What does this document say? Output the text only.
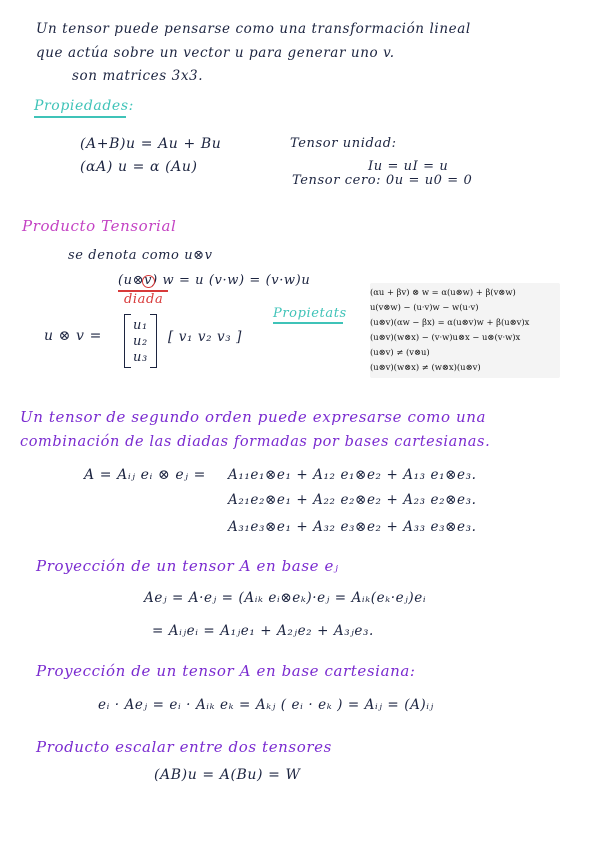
Un tensor puede pensarse como una transformación lineal
que actúa sobre un vector u para generar uno v.
son matrices 3x3.
Propiedades:
(A+B)u = Au + Bu
(αA) u = α (Au)
Tensor unidad:
Iu = uI = u
Tensor cero: 0u = u0 = 0
Producto Tensorial
se denota como u⊗v
(u⊗v) w = u (v·w) = (v·w)u
diada
Propietats
u ⊗ v =
u₁
u₂
u₃
[ v₁ v₂ v₃ ]
(αu + βv) ⊗ w = α(u⊗w) + β(v⊗w)
u(v⊗w) − (u·v)w − w(u·v)
(u⊗v)(αw − βx) = α(u⊗v)w + β(u⊗v)x
(u⊗v)(w⊗x) − (v·w)u⊗x − u⊗(v·w)x
(u⊗v) ≠ (v⊗u)
(u⊗v)(w⊗x) ≠ (w⊗x)(u⊗v)
Un tensor de segundo orden puede expresarse como una
combinación de las diadas formadas por bases cartesianas.
A = Aᵢⱼ eᵢ ⊗ eⱼ = A₁₁e₁⊗e₁ + A₁₂ e₁⊗e₂ + A₁₃ e₁⊗e₃.
A₂₁e₂⊗e₁ + A₂₂ e₂⊗e₂ + A₂₃ e₂⊗e₃.
A₃₁e₃⊗e₁ + A₃₂ e₃⊗e₂ + A₃₃ e₃⊗e₃.
Proyección de un tensor A en base eⱼ
Aeⱼ = A·eⱼ = (Aᵢₖ eᵢ⊗eₖ)·eⱼ = Aᵢₖ(eₖ·eⱼ)eᵢ
= Aᵢⱼeᵢ = A₁ⱼe₁ + A₂ⱼe₂ + A₃ⱼe₃.
Proyección de un tensor A en base cartesiana:
eᵢ · Aeⱼ = eᵢ · Aᵢₖ eₖ = Aₖⱼ ( eᵢ · eₖ ) = Aᵢⱼ = (A)ᵢⱼ
Producto escalar entre dos tensores
(AB)u = A(Bu) = W
